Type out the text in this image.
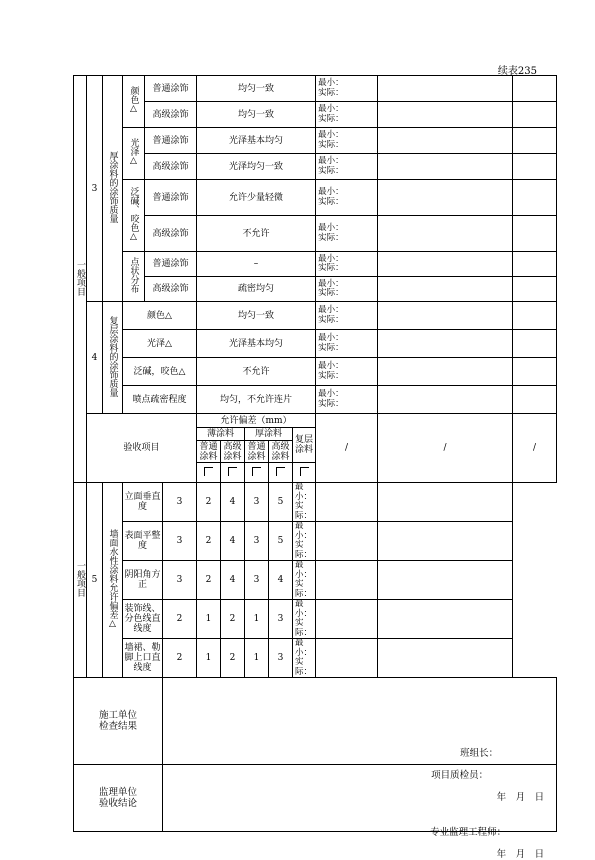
续表235
一般项目	3	厚涂料的涂饰质量	颜色△	普通涂饰		均匀一致					最小：
实际：		

				高级涂饰		均匀一致					最小：
实际：		

			光泽△	普通涂饰		光泽基本均匀					最小：
实际：		

				高级涂饰		光泽均匀一致					最小：
实际：		

			泛碱、咬色△	普通涂饰		允许少量轻微					最小：
实际：		

				高级涂饰		不允许					最小：
实际：		

			点状分布	普通涂饰		–					最小：
实际：		

				高级涂饰		疏密均匀					最小：
实际：		

	4	复层涂料的涂饰质量	颜色△			均匀一致					最小：
实际：		

			光泽△			光泽基本均匀					最小：
实际：		

			泛碱，咬色△			不允许					最小：
实际：		

			喷点疏密程度			均匀，不允许连片					最小：
实际：		

	验收项目					允许偏差（mm）					/	/	/
						薄涂料		厚涂料		复层涂料			
						普通涂料	高级涂料	普通涂料	高级涂料				

一般项目	5	墙面水性涂料允许偏差△	立面垂直度		3	2	4	3	5	最小：
实际：			

			表面平整度		3	2	4	3	5	最小：
实际：			

			阴阳角方正		3	2	4	3	4	最小：
实际：			

			装饰线、分色线直线度		2	1	2	1	3	最小：
实际：			

			墙裙、勒脚上口直线度		2	1	2	1	3	最小：
实际：			

施工单位检查结果					班组长：
项目质检员：
年　月　日								

监理单位验收结论					专业监理工程师：
年　月　日								
